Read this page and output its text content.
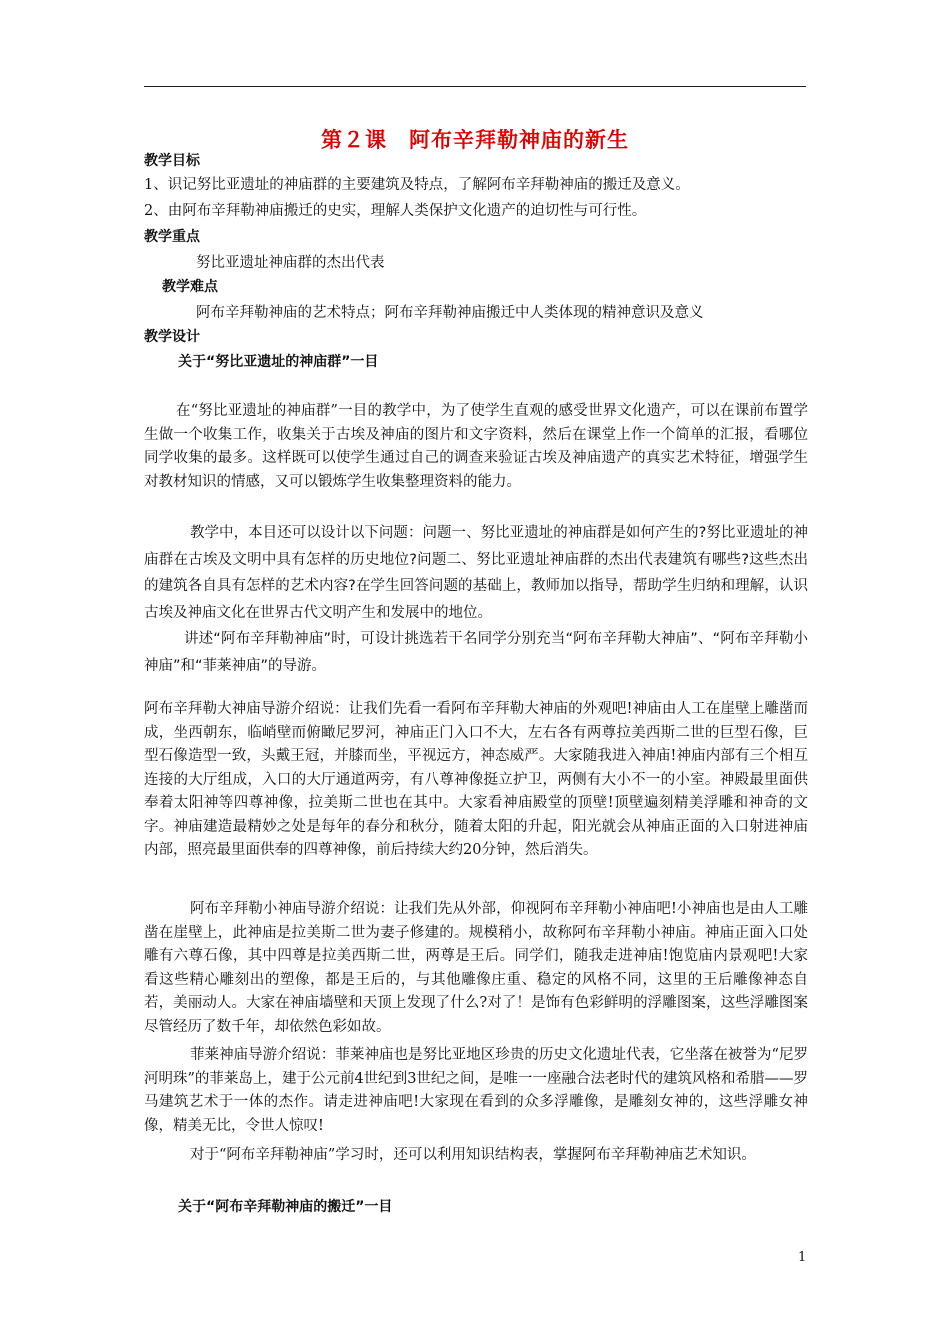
第２课　阿布辛拜勒神庙的新生
教学目标
1、识记努比亚遗址的神庙群的主要建筑及特点，了解阿布辛拜勒神庙的搬迁及意义。
2、由阿布辛拜勒神庙搬迁的史实，理解人类保护文化遗产的迫切性与可行性。
教学重点
努比亚遗址神庙群的杰出代表
教学难点
阿布辛拜勒神庙的艺术特点；阿布辛拜勒神庙搬迁中人类体现的精神意识及意义
教学设计
关于“努比亚遗址的神庙群”一目
在“努比亚遗址的神庙群”一目的教学中，为了使学生直观的感受世界文化遗产，可以在课前布置学生做一个收集工作，收集关于古埃及神庙的图片和文字资料，然后在课堂上作一个简单的汇报，看哪位同学收集的最多。这样既可以使学生通过自己的调查来验证古埃及神庙遗产的真实艺术特征，增强学生对教材知识的情感，又可以锻炼学生收集整理资料的能力。
教学中，本目还可以设计以下问题：问题一、努比亚遗址的神庙群是如何产生的?努比亚遗址的神庙群在古埃及文明中具有怎样的历史地位?问题二、努比亚遗址神庙群的杰出代表建筑有哪些?这些杰出的建筑各自具有怎样的艺术内容?在学生回答问题的基础上，教师加以指导，帮助学生归纳和理解，认识古埃及神庙文化在世界古代文明产生和发展中的地位。
讲述“阿布辛拜勒神庙”时，可设计挑选若干名同学分别充当“阿布辛拜勒大神庙”、“阿布辛拜勒小神庙”和“菲莱神庙”的导游。
阿布辛拜勒大神庙导游介绍说：让我们先看一看阿布辛拜勒大神庙的外观吧!神庙由人工在崖壁上雕凿而成，坐西朝东，临峭壁而俯瞰尼罗河，神庙正门入口不大，左右各有两尊拉美西斯二世的巨型石像，巨型石像造型一致，头戴王冠，并膝而坐，平视远方，神态威严。大家随我进入神庙!神庙内部有三个相互连接的大厅组成，入口的大厅通道两旁，有八尊神像挺立护卫，两侧有大小不一的小室。神殿最里面供奉着太阳神等四尊神像，拉美斯二世也在其中。大家看神庙殿堂的顶壁!顶壁遍刻精美浮雕和神奇的文字。神庙建造最精妙之处是每年的春分和秋分，随着太阳的升起，阳光就会从神庙正面的入口射进神庙内部，照亮最里面供奉的四尊神像，前后持续大约20分钟，然后消失。
阿布辛拜勒小神庙导游介绍说：让我们先从外部，仰视阿布辛拜勒小神庙吧!小神庙也是由人工雕凿在崖壁上，此神庙是拉美斯二世为妻子修建的。规模稍小，故称阿布辛拜勒小神庙。神庙正面入口处雕有六尊石像，其中四尊是拉美西斯二世，两尊是王后。同学们，随我走进神庙!饱览庙内景观吧!大家看这些精心雕刻出的塑像，都是王后的，与其他雕像庄重、稳定的风格不同，这里的王后雕像神态自若，美丽动人。大家在神庙墙壁和天顶上发现了什么?对了！是饰有色彩鲜明的浮雕图案，这些浮雕图案尽管经历了数千年，却依然色彩如故。
菲莱神庙导游介绍说：菲莱神庙也是努比亚地区珍贵的历史文化遗址代表，它坐落在被誉为“尼罗河明珠”的菲莱岛上，建于公元前4世纪到3世纪之间，是唯一一座融合法老时代的建筑风格和希腊——罗马建筑艺术于一体的杰作。请走进神庙吧!大家现在看到的众多浮雕像，是雕刻女神的，这些浮雕女神像，精美无比，令世人惊叹!
对于“阿布辛拜勒神庙”学习时，还可以利用知识结构表，掌握阿布辛拜勒神庙艺术知识。
关于“阿布辛拜勒神庙的搬迁”一目
1
